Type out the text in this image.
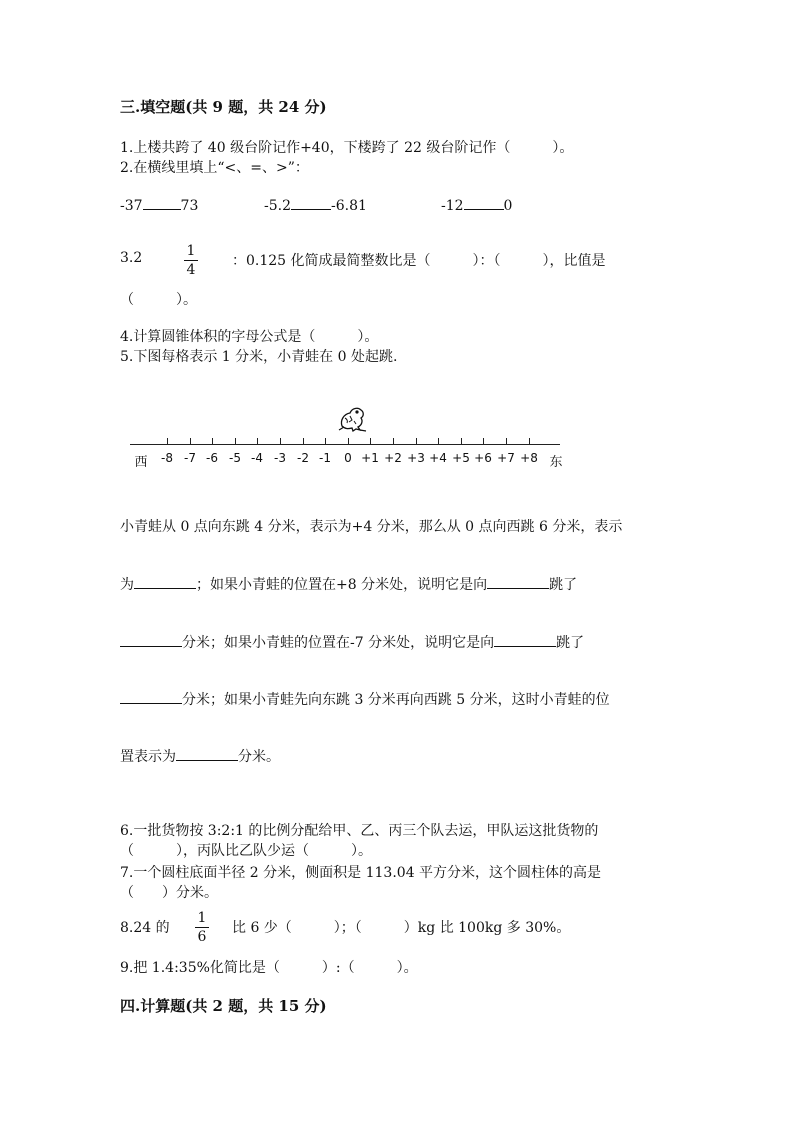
三.填空题(共 9 题，共 24 分)
1.上楼共跨了 40 级台阶记作+40，下楼跨了 22 级台阶记作（　　　）。
2.在横线里填上“<、=、>”：
-37	73	-5.2	-6.81	-12	0
3.2	1
4
：0.125 化简成最简整数比是（　　　）：（　　　），比值是
（　　　）。
4.计算圆锥体积的字母公式是（　　　）。
5.下图每格表示 1 分米，小青蛙在 0 处起跳.
西	东
-8 -7 -6 -5 -4 -3 -2 -1 0 +1 +2 +3 +4 +5 +6 +7 +8
小青蛙从 0 点向东跳 4 分米，表示为+4 分米，那么从 0 点向西跳 6 分米，表示
为	；如果小青蛙的位置在+8 分米处，说明它是向	跳了
分米；如果小青蛙的位置在-7 分米处，说明它是向	跳了
分米；如果小青蛙先向东跳 3 分米再向西跳 5 分米，这时小青蛙的位
置表示为	分米。
6.一批货物按 3:2:1 的比例分配给甲、乙、丙三个队去运，甲队运这批货物的
（　　　），丙队比乙队少运（　　　）。
7.一个圆柱底面半径 2 分米，侧面积是 113.04 平方分米，这个圆柱体的高是
（　　）分米。
8.24 的
1
6
比 6 少（　　　）；（　　　）kg 比 100kg 多 30%。
9.把 1.4:35%化简比是（　　　）:（　　　）。
四.计算题(共 2 题，共 15 分)
